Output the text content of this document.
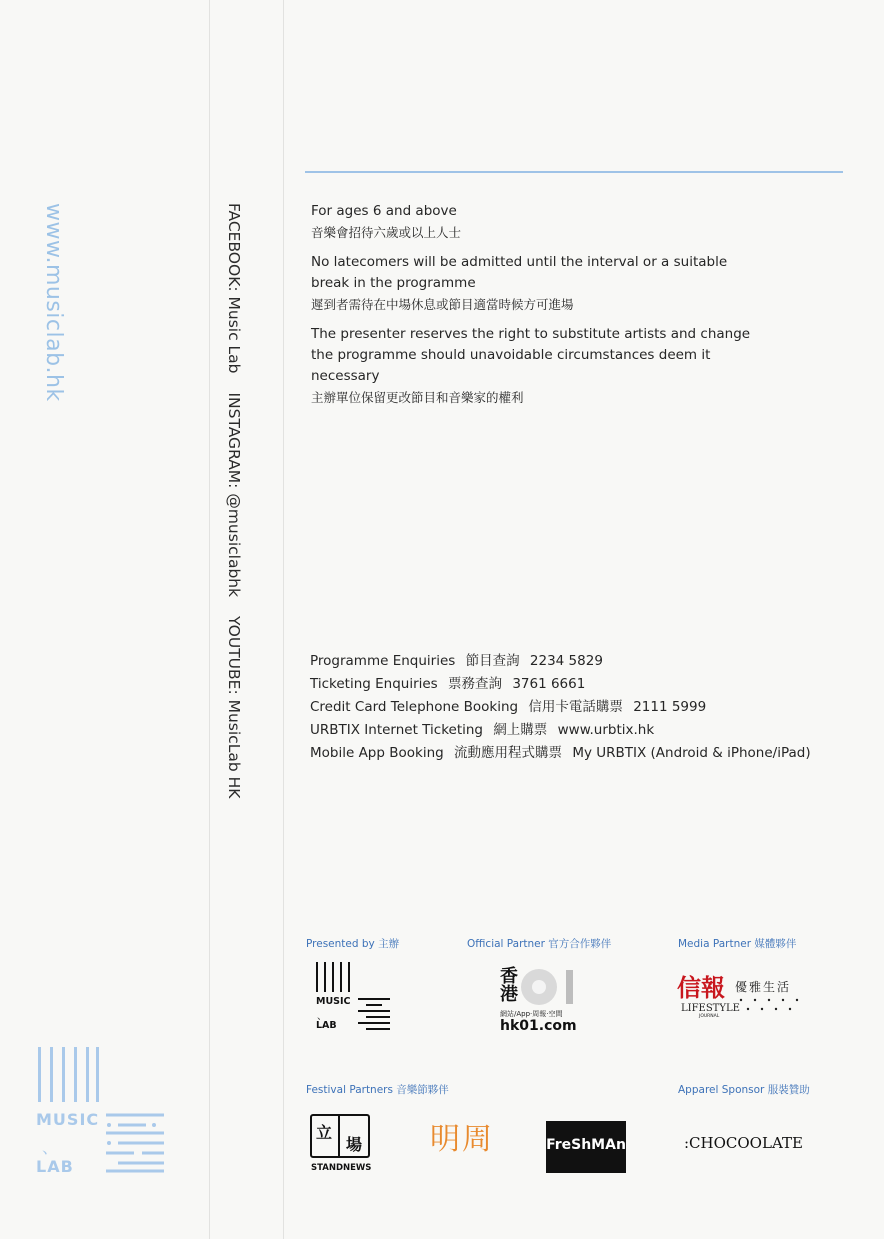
www.musiclab.hk	FACEBOOK: Music Lab INSTAGRAM: @musiclabhk YOUTUBE: MusicLab HK
MUSIC
、
LAB

For ages 6 and above
音樂會招待六歲或以上人士

No latecomers will be admitted until the interval or a suitable break in the programme
遲到者需待在中場休息或節目適當時候方可進場

The presenter reserves the right to substitute artists and change the programme should unavoidable circumstances deem it necessary
主辦單位保留更改節目和音樂家的權利

Programme Enquiries 節目查詢 2234 5829
Ticketing Enquiries 票務查詢 3761 6661
Credit Card Telephone Booking 信用卡電話購票 2111 5999
URBTIX Internet Ticketing 網上購票 www.urbtix.hk
Mobile App Booking 流動應用程式購票 My URBTIX (Android & iPhone/iPad)
Presented by 主辦	Official Partner 官方合作夥伴	Media Partner 媒體夥伴
Festival Partners 音樂節夥伴	Apparel Sponsor 服裝贊助
MUSIC
、
LAB
香港
網站/App·周報·空間
hk01.com
信報 優雅生活
LIFESTYLE
JOURNAL
立
場
STANDNEWS
明周	FreShMAn	:CHOCOOLATE
